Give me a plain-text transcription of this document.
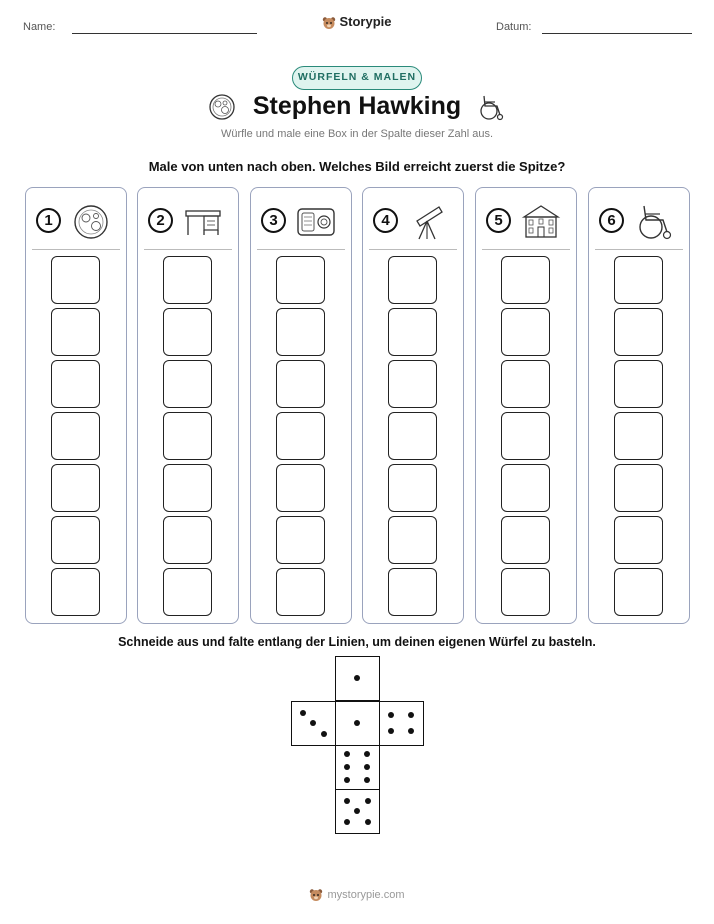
Name:	Storypie	Datum:
WÜRFELN & MALEN
Stephen Hawking
Würfle und male eine Box in der Spalte dieser Zahl aus.
Male von unten nach oben. Welches Bild erreicht zuerst die Spitze?
1	2	3	4	5	6
Schneide aus und falte entlang der Linien, um deinen eigenen Würfel zu basteln.
mystorypie.com
